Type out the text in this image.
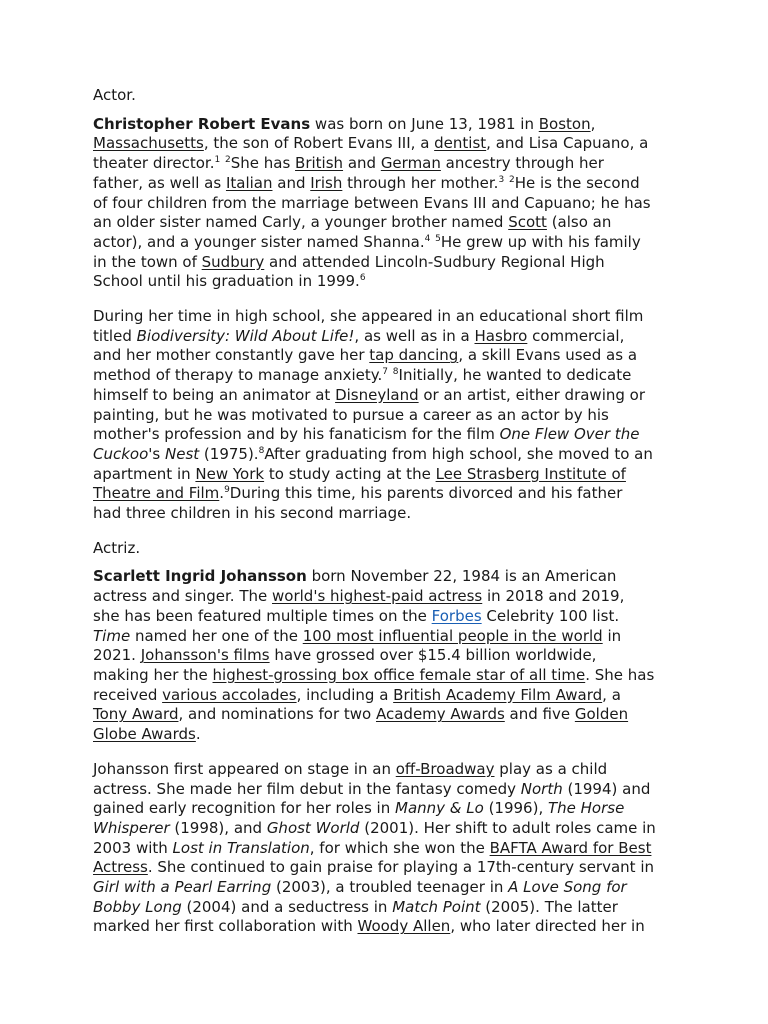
Actor.

Christopher Robert Evans was born on June 13, 1981 in Boston,

Massachusetts, the son of Robert Evans III, a dentist, and Lisa Capuano, a

theater director.$^1$ $^2$She has British and German ancestry through her

father, as well as Italian and Irish through her mother.$^3$ $^2$He is the second

of four children from the marriage between Evans III and Capuano; he has

an older sister named Carly, a younger brother named Scott (also an

actor), and a younger sister named Shanna.$^4$ $^5$He grew up with his family

in the town of Sudbury and attended Lincoln-Sudbury Regional High

School until his graduation in 1999.$^6$

During her time in high school, she appeared in an educational short film

titled Biodiversity: Wild About Life!, as well as in a Hasbro commercial,

and her mother constantly gave her tap dancing, a skill Evans used as a

method of therapy to manage anxiety.$^7$ $^8$Initially, he wanted to dedicate

himself to being an animator at Disneyland or an artist, either drawing or

painting, but he was motivated to pursue a career as an actor by his

mother's profession and by his fanaticism for the film One Flew Over the

Cuckoo's Nest (1975).$^8$After graduating from high school, she moved to an

apartment in New York to study acting at the Lee Strasberg Institute of

Theatre and Film.$^9$During this time, his parents divorced and his father

had three children in his second marriage.

Actriz.

Scarlett Ingrid Johansson born November 22, 1984 is an American

actress and singer. The world's highest-paid actress in 2018 and 2019,

she has been featured multiple times on the Forbes Celebrity 100 list.

Time named her one of the 100 most influential people in the world in

2021. Johansson's films have grossed over $15.4 billion worldwide,

making her the highest-grossing box office female star of all time. She has

received various accolades, including a British Academy Film Award, a

Tony Award, and nominations for two Academy Awards and five Golden

Globe Awards.

Johansson first appeared on stage in an off-Broadway play as a child

actress. She made her film debut in the fantasy comedy North (1994) and

gained early recognition for her roles in Manny & Lo (1996), The Horse

Whisperer (1998), and Ghost World (2001). Her shift to adult roles came in

2003 with Lost in Translation, for which she won the BAFTA Award for Best

Actress. She continued to gain praise for playing a 17th-century servant in

Girl with a Pearl Earring (2003), a troubled teenager in A Love Song for

Bobby Long (2004) and a seductress in Match Point (2005). The latter

marked her first collaboration with Woody Allen, who later directed her in
